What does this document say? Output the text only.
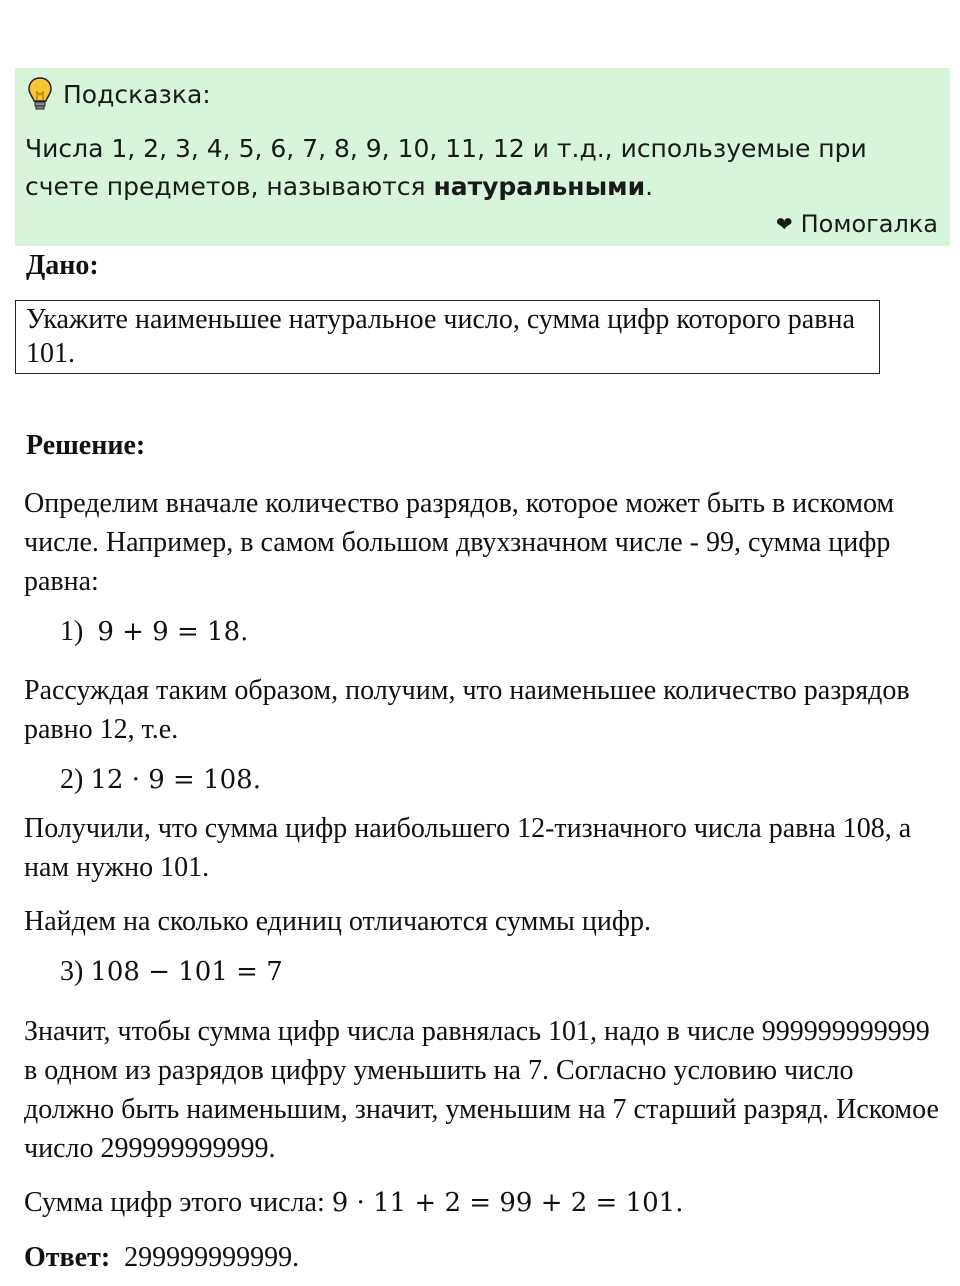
Подсказка:
Числа 1, 2, 3, 4, 5, 6, 7, 8, 9, 10, 11, 12 и т.д., используемые при счете предметов, называются натуральными.
❤ Помогалка
Дано:
Укажите наименьшее натуральное число, сумма цифр которого равна 101.
Решение:
Определим вначале количество разрядов, которое может быть в искомом числе. Например, в самом большом двухзначном числе - 99, сумма цифр равна:
1) 9 + 9 = 18.
Рассуждая таким образом, получим, что наименьшее количество разрядов равно 12, т.е.
2) 12 · 9 = 108.
Получили, что сумма цифр наибольшего 12-тизначного числа равна 108, а нам нужно 101.
Найдем на сколько единиц отличаются суммы цифр.
3) 108 − 101 = 7
Значит, чтобы сумма цифр числа равнялась 101, надо в числе 999999999999 в одном из разрядов цифру уменьшить на 7. Согласно условию число должно быть наименьшим, значит, уменьшим на 7 старший разряд. Искомое число 299999999999.
Сумма цифр этого числа: 9 · 11 + 2 = 99 + 2 = 101.
Ответ: 299999999999.
